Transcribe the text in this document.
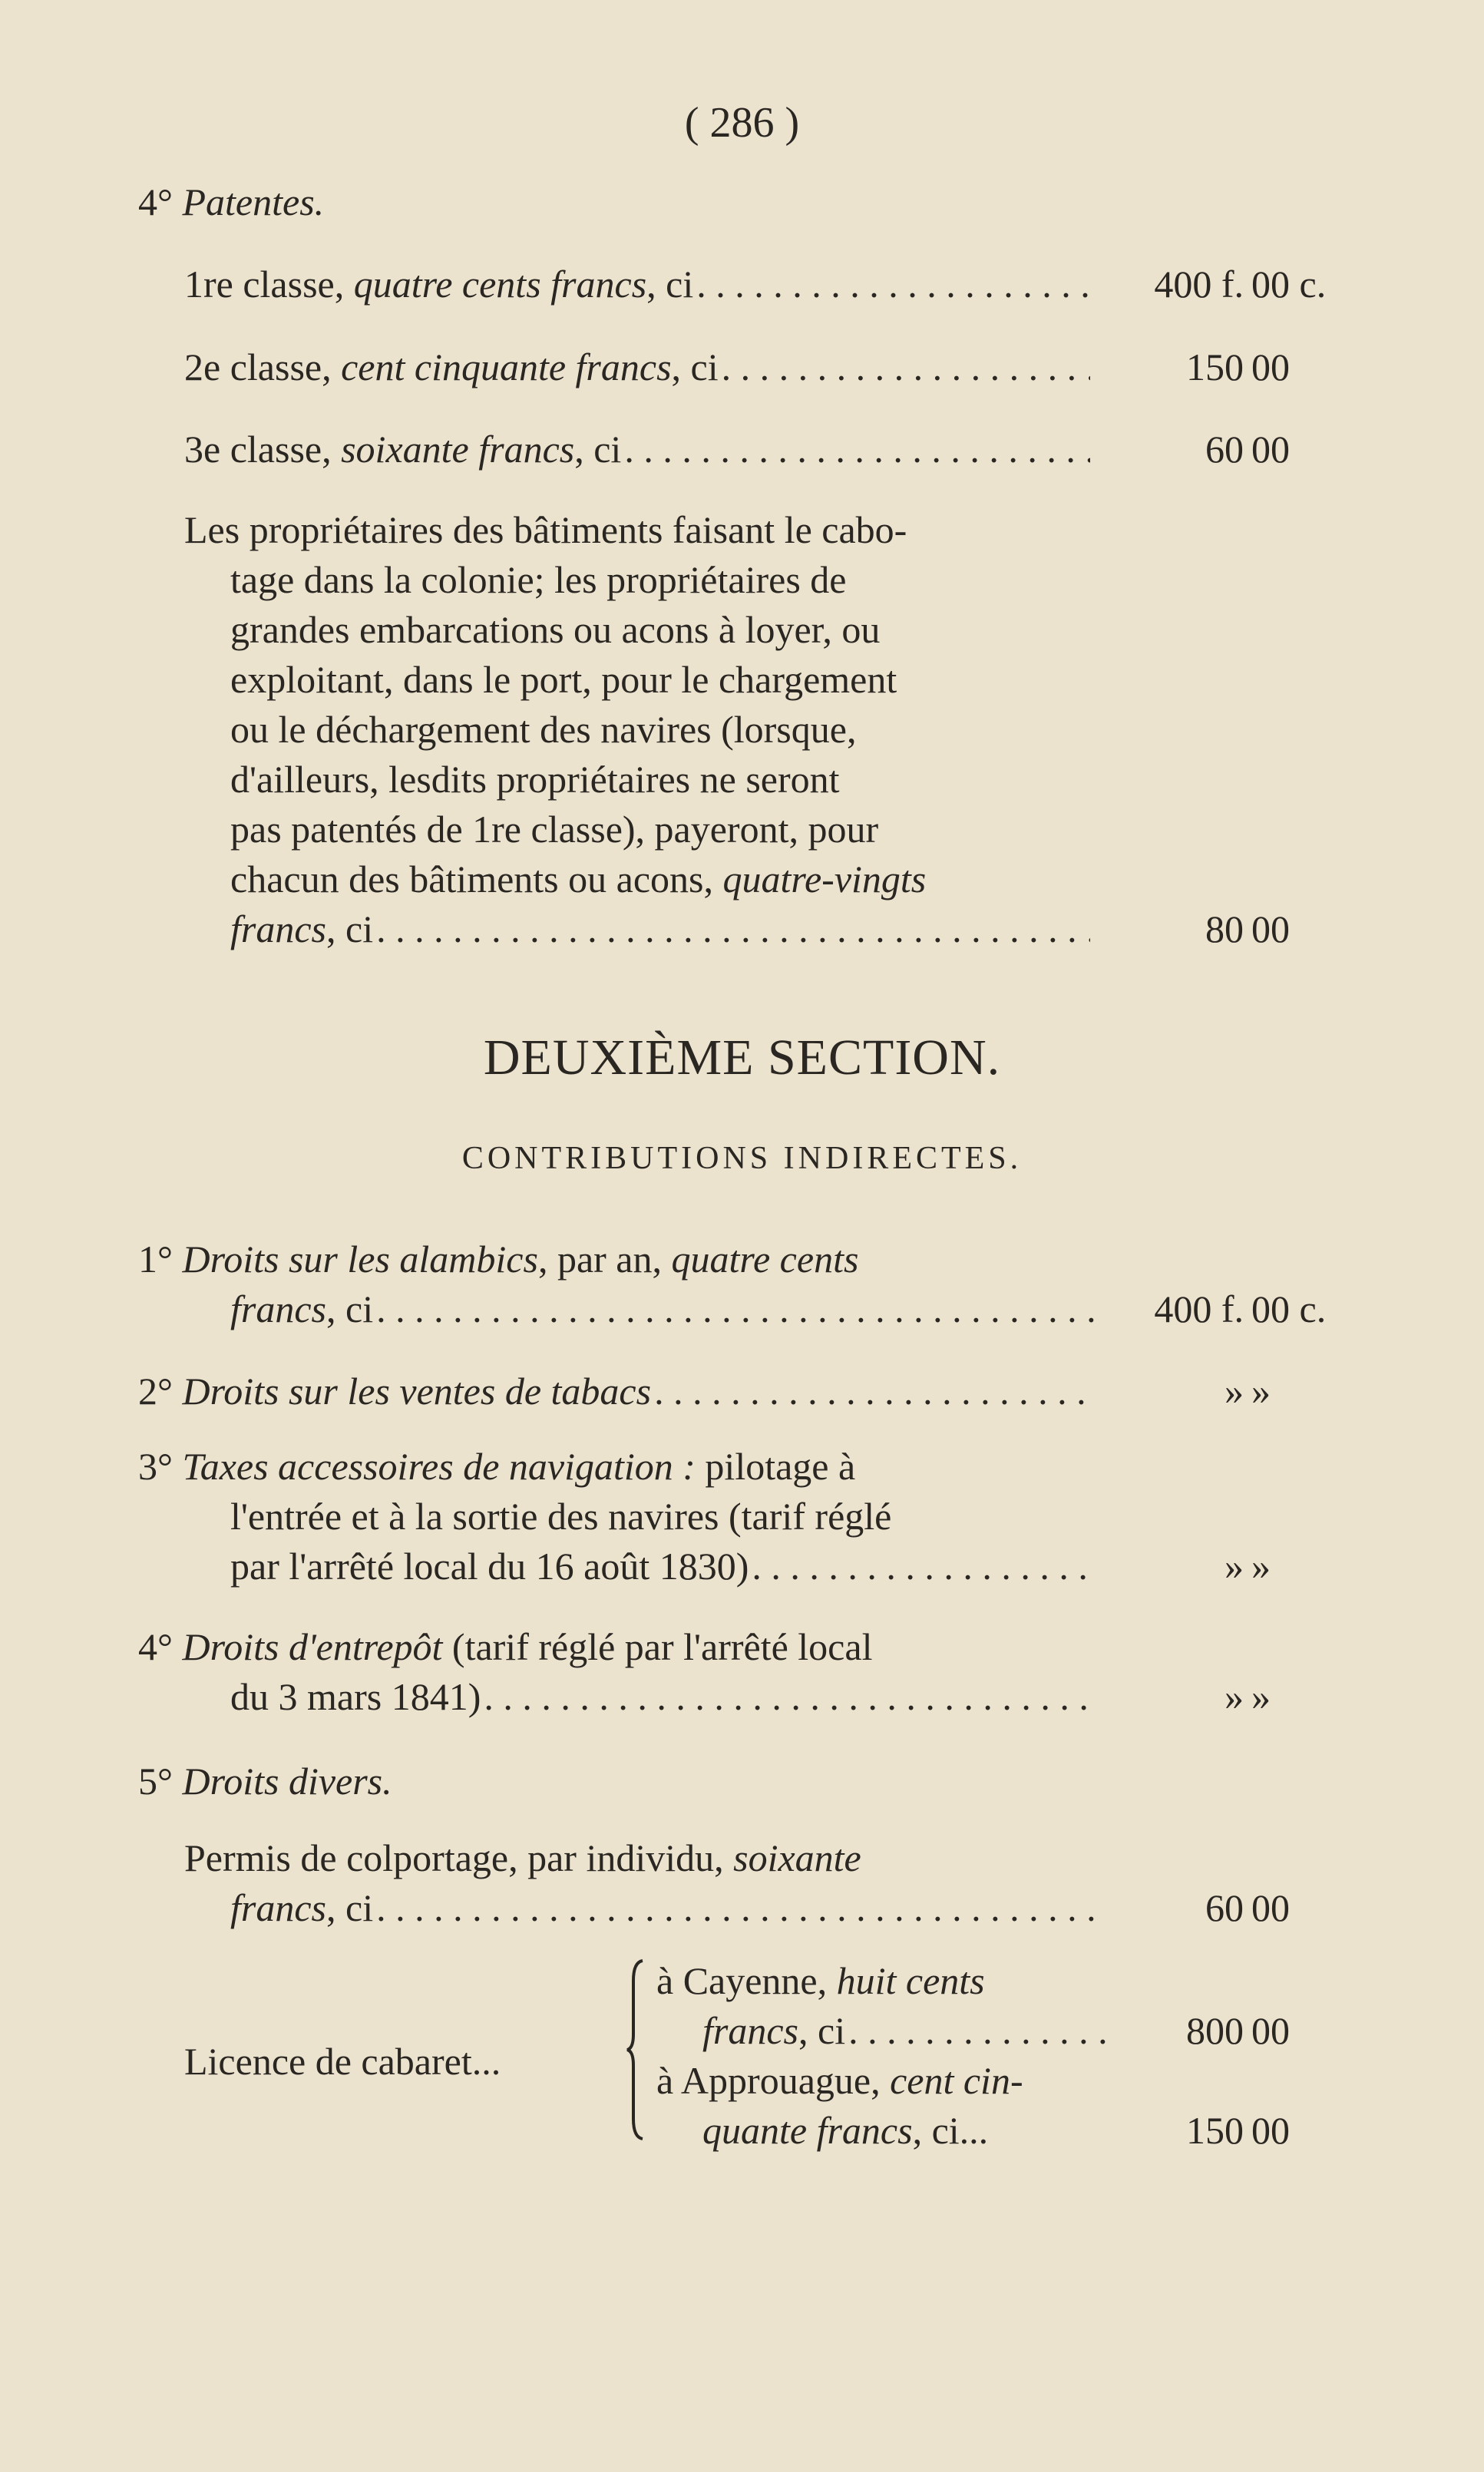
( 286 )
4° Patentes.
1re classe, quatre cents francs, ci . . .	400 f. 00 c.
2e classe, cent cinquante francs, ci . . .	150 00
3e classe, soixante francs, ci . . .	60 00
Les propriétaires des bâtiments faisant le cabo-
tage dans la colonie; les propriétaires de
grandes embarcations ou acons à loyer, ou
exploitant, dans le port, pour le chargement
ou le déchargement des navires (lorsque,
d'ailleurs, lesdits propriétaires ne seront
pas patentés de 1re classe), payeront, pour
chacun des bâtiments ou acons, quatre-vingts
francs, ci . . .	80 00
DEUXIÈME SECTION.
CONTRIBUTIONS INDIRECTES.
1° Droits sur les alambics, par an, quatre cents
francs, ci . . .	400 f. 00 c.
2° Droits sur les ventes de tabacs . . .	» »
3° Taxes accessoires de navigation : pilotage à
l'entrée et à la sortie des navires (tarif réglé
par l'arrêté local du 16 août 1830) . . .	» »
4° Droits d'entrepôt (tarif réglé par l'arrêté local
du 3 mars 1841) . . .	» »
5° Droits divers.
Permis de colportage, par individu, soixante
francs, ci . . .	60 00
Licence de cabaret...
à Cayenne, huit cents
francs, ci . . .	800 00
à Approuague, cent cin-
quante francs, ci...	150 00
